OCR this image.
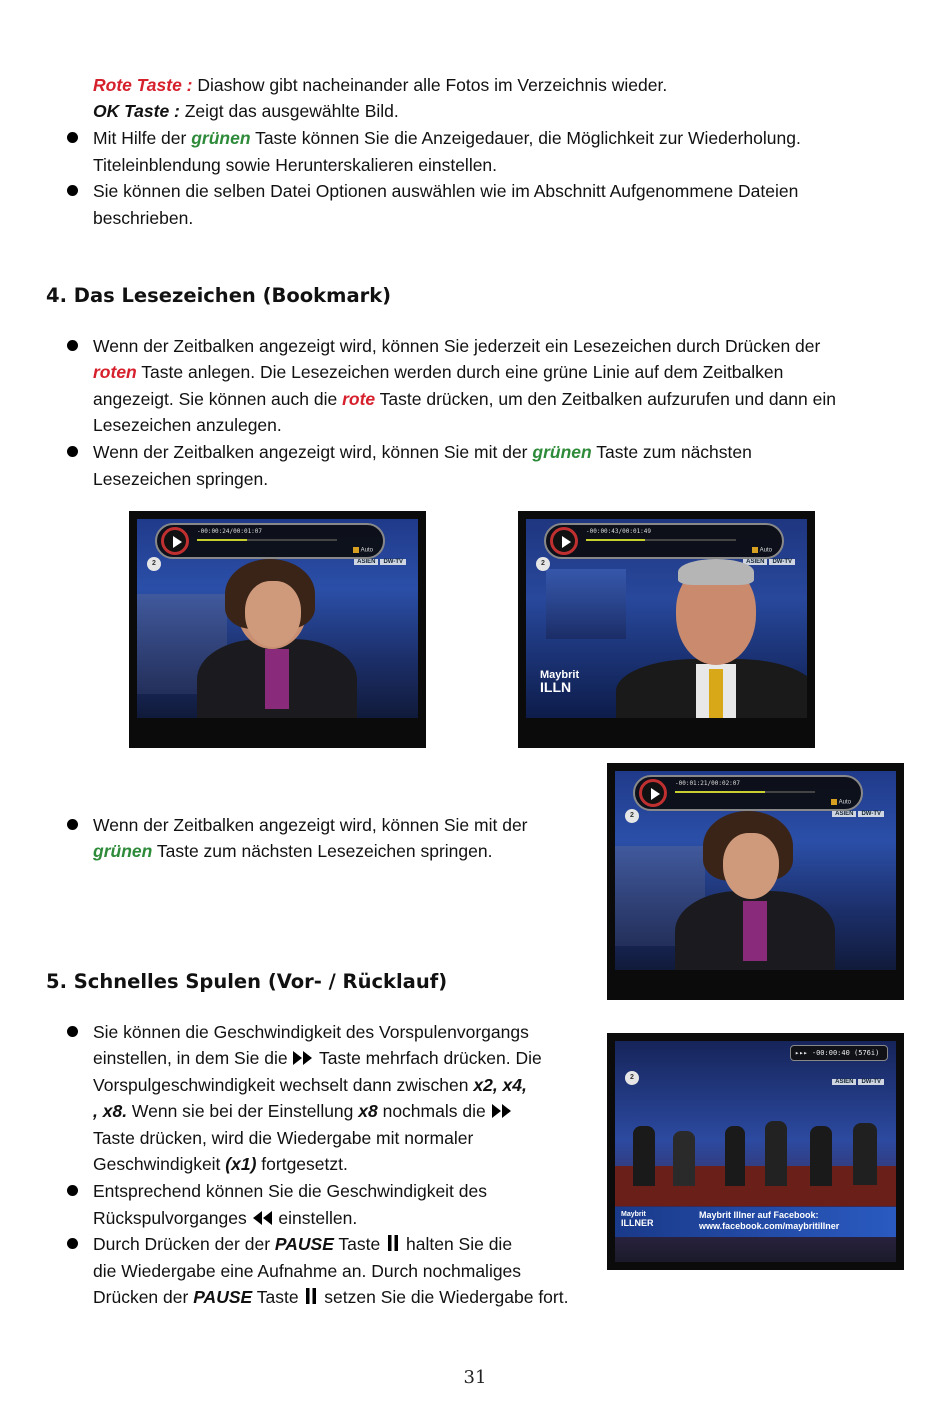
Rote Taste : Diashow gibt nacheinander alle Fotos im Verzeichnis wieder.
OK Taste : Zeigt das ausgewählte Bild.
Mit Hilfe der grünen Taste können Sie die Anzeigedauer, die Möglichkeit zur Wiederholung.
Titeleinblendung sowie Herunterskalieren einstellen.
Sie können die selben Datei Optionen auswählen wie im Abschnitt Aufgenommene Dateien
beschrieben.
4. Das Lesezeichen (Bookmark)
Wenn der Zeitbalken angezeigt wird, können Sie jederzeit ein Lesezeichen durch Drücken der
roten Taste anlegen. Die Lesezeichen werden durch eine grüne Linie auf dem Zeitbalken
angezeigt. Sie können auch die rote Taste drücken, um den Zeitbalken aufzurufen und dann ein
Lesezeichen anzulegen.
Wenn der Zeitbalken angezeigt wird, können Sie mit der grünen Taste zum nächsten
Lesezeichen springen.
2	ASIEN DW-TV
-00:00:24/00:01:07
Auto
2	ASIEN DW-TV
Maybrit
ILLN
-00:00:43/00:01:49
Auto
Wenn der Zeitbalken angezeigt wird, können Sie mit der
grünen Taste zum nächsten Lesezeichen springen.
2	ASIEN DW-TV
-00:01:21/00:02:07
Auto
5. Schnelles Spulen (Vor- / Rücklauf)
Sie können die Geschwindigkeit des Vorspulenvorgangs
einstellen, in dem Sie die  Taste mehrfach drücken. Die
Vorspulgeschwindigkeit wechselt dann zwischen x2, x4,
, x8. Wenn sie bei der Einstellung x8 nochmals die
Taste drücken, wird die Wiedergabe mit normaler
Geschwindigkeit (x1) fortgesetzt.
Entsprechend können Sie die Geschwindigkeit des
Rückspulvorganges  einstellen.
Durch Drücken der der PAUSE Taste  halten Sie die
die Wiedergabe eine Aufnahme an. Durch nochmaliges
Drücken der PAUSE Taste  setzen Sie die Wiedergabe fort.
▸▸▸ -00:00:40 (576i)
2
ASIEN DW-TV
Maybrit
ILLNER
Maybrit Illner auf Facebook:
www.facebook.com/maybritillner
31
